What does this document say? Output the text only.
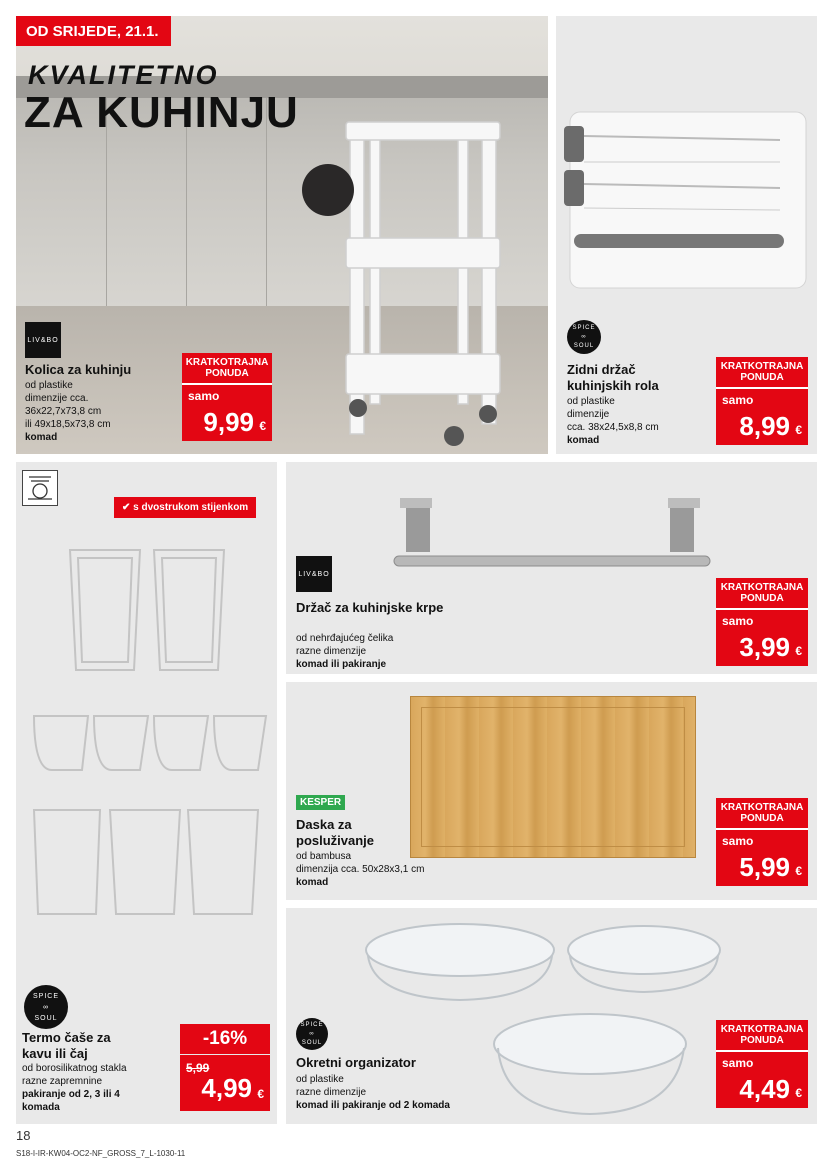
OD SRIJEDE, 21.1.
KVALITETNO
ZA KUHINJU
LIV&BO
Kolica za kuhinju
od plastike
dimenzije cca.
36x22,7x73,8 cm
ili 49x18,5x73,8 cm
komad
KRATKOTRAJNA PONUDA
samo
9,99 €
SPICE
∞
SOUL
Zidni držač kuhinjskih rola
od plastike
dimenzije
cca. 38x24,5x8,8 cm
komad
KRATKOTRAJNA PONUDA
samo
8,99 €
✔ s dvostrukom stijenkom
SPICE
∞
SOUL
Termo čaše za kavu ili čaj
od borosilikatnog stakla
razne zapremnine
pakiranje od 2, 3 ili 4 komada
-16%
5,99
4,99 €
LIV&BO
Držač za kuhinjske krpe
od nehrđajućeg čelika
razne dimenzije
komad ili pakiranje
KRATKOTRAJNA PONUDA
samo
3,99 €
KESPER
Daska za posluživanje
od bambusa
dimenzija cca. 50x28x3,1 cm
komad
KRATKOTRAJNA PONUDA
samo
5,99 €
SPICE
∞
SOUL
Okretni organizator
od plastike
razne dimenzije
komad ili pakiranje od 2 komada
KRATKOTRAJNA PONUDA
samo
4,49 €
18
S18-I-IR-KW04-OC2-NF_GROSS_7_L-1030-11
